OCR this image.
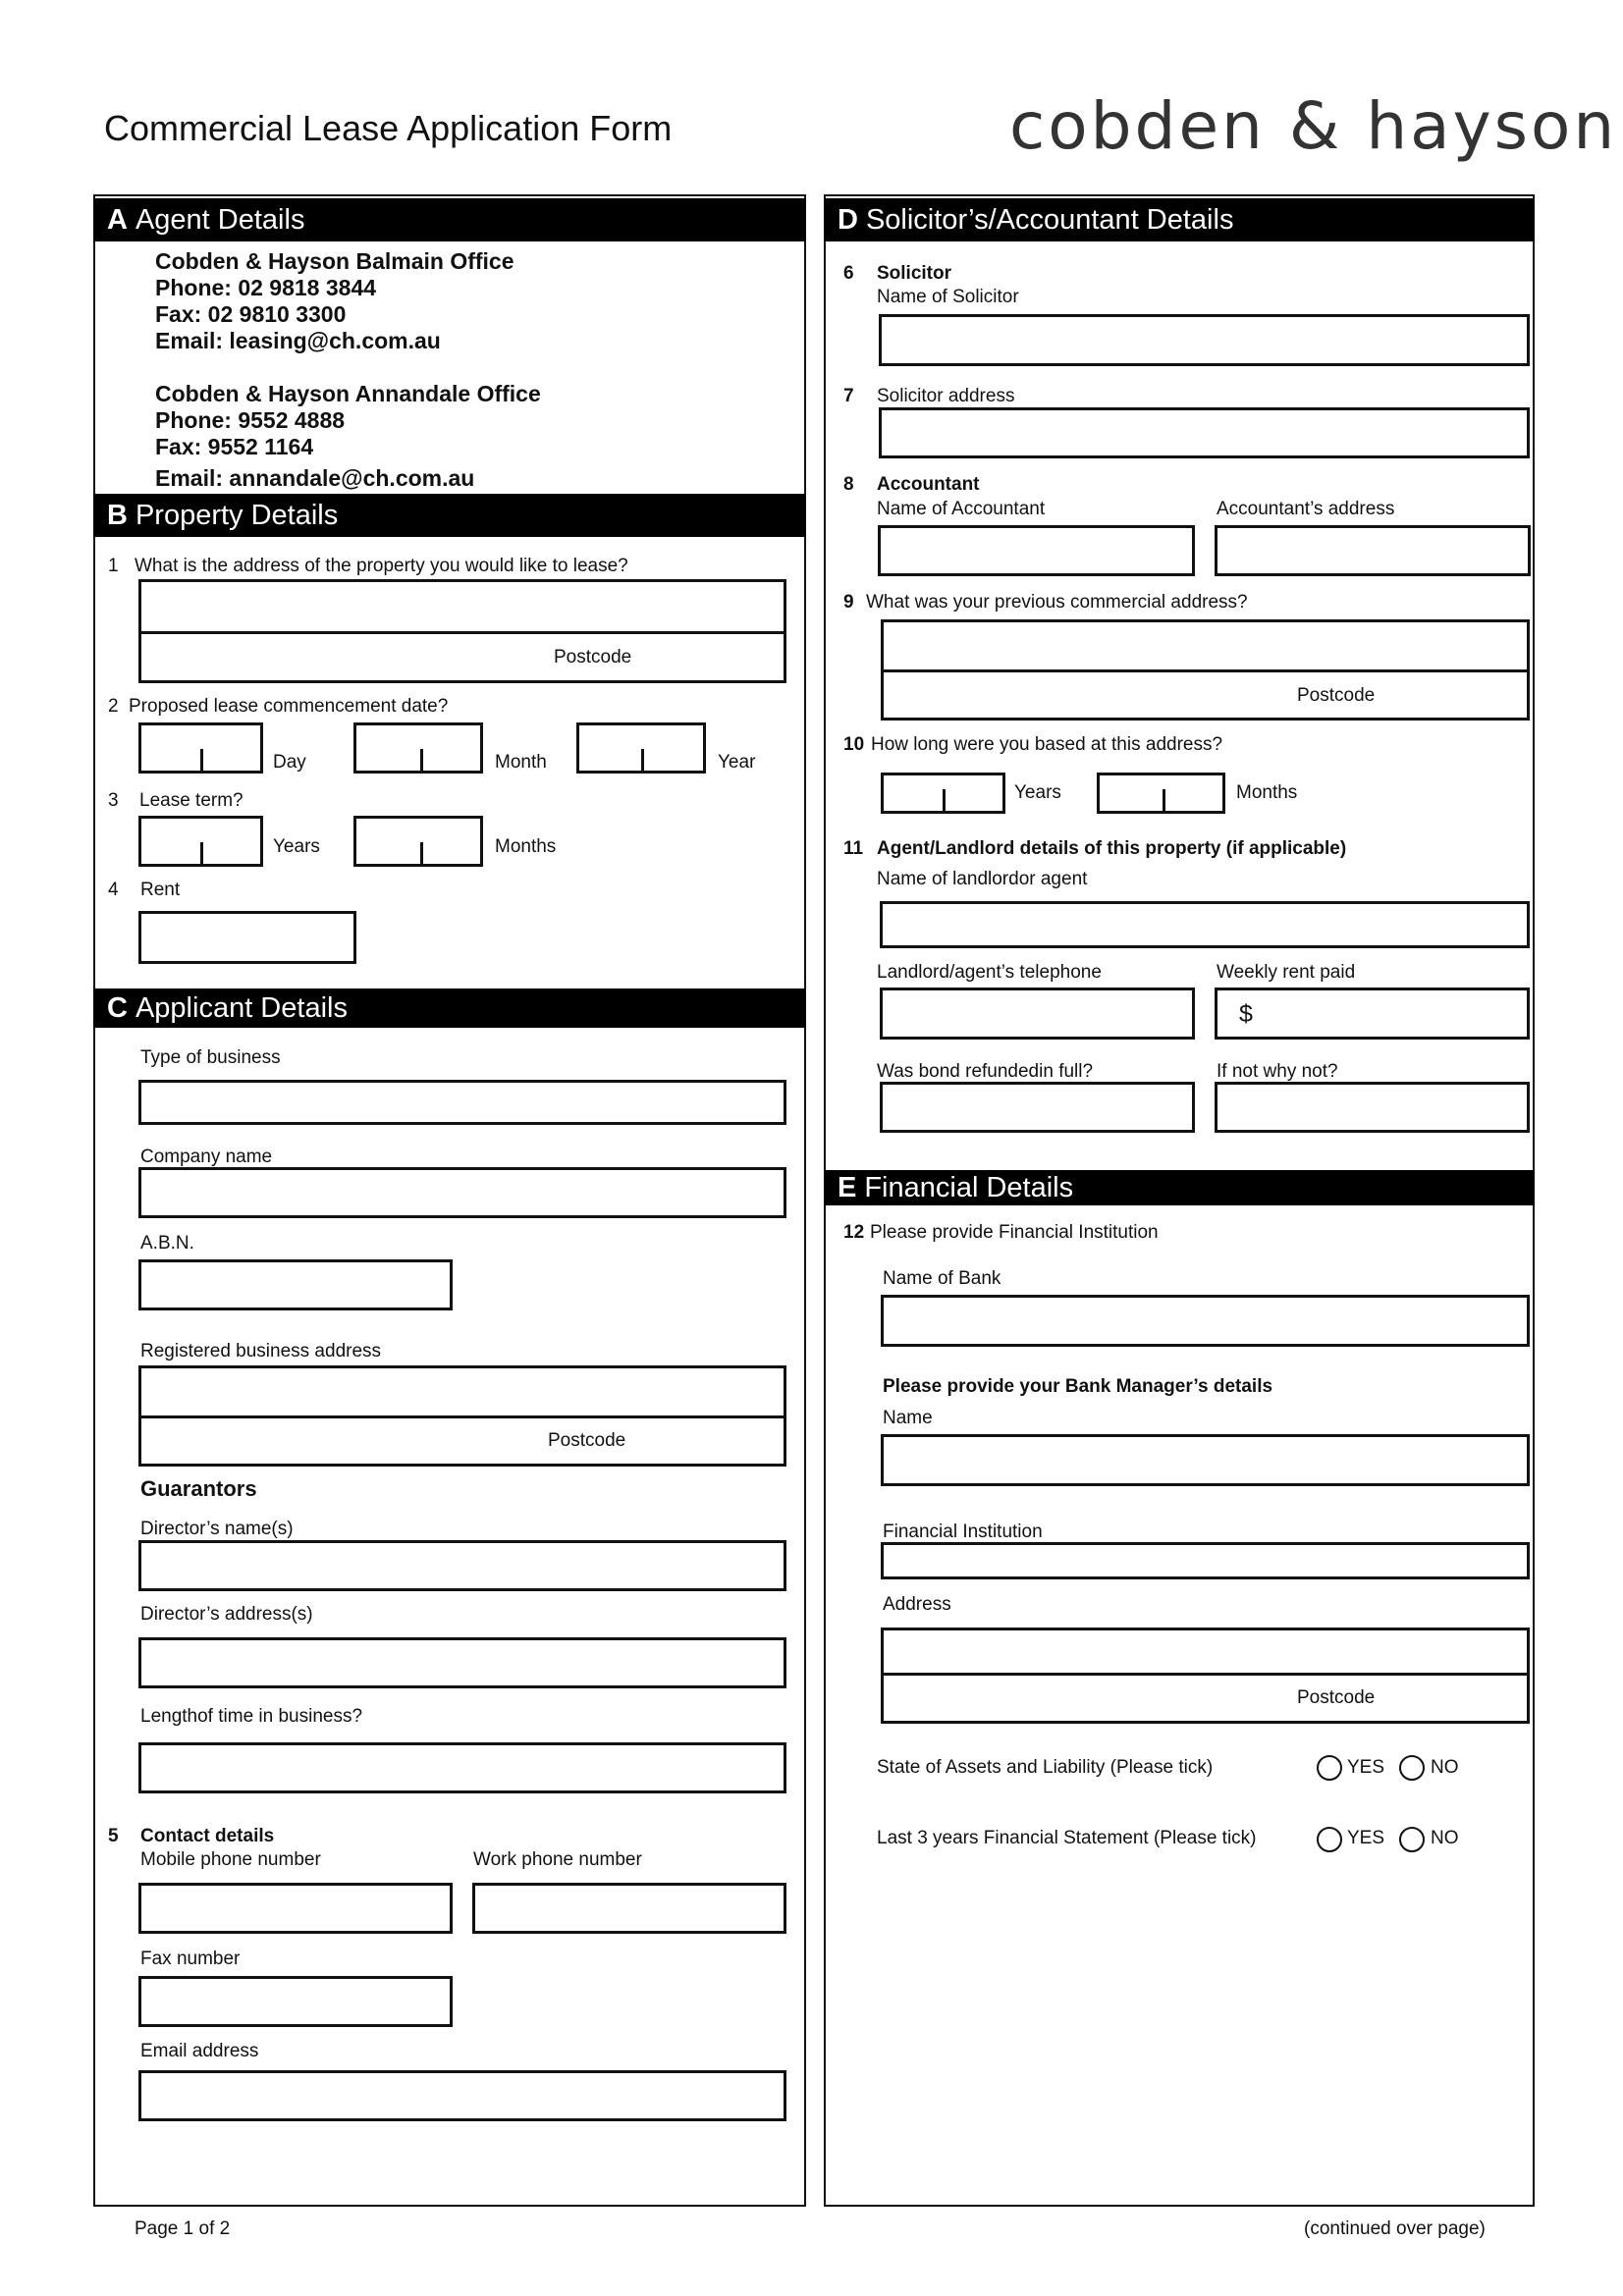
Commercial Lease Application Form	cobden & hayson
A Agent Details
Cobden & Hayson Balmain Office
Phone: 02 9818 3844
Fax: 02 9810 3300
Email: leasing@ch.com.au
Cobden & Hayson Annandale Office
Phone: 9552 4888
Fax: 9552 1164
Email: annandale@ch.com.au
B Property Details
1 What is the address of the property you would like to lease?
Postcode
2 Proposed lease commencement date?
Day	Month	Year
3 Lease term?
Years	Months
4 Rent
C Applicant Details
Type of business
Company name
A.B.N.
Registered business address
Postcode
Guarantors
Director’s name(s)
Director’s address(s)
Lengthof time in business?
5 Contact details
Mobile phone number	Work phone number
Fax number
Email address
D Solicitor’s/Accountant Details
6 Solicitor
Name of Solicitor
7 Solicitor address
8 Accountant
Name of Accountant	Accountant’s address
9 What was your previous commercial address?
Postcode
10 How long were you based at this address?
Years	Months
11 Agent/Landlord details of this property (if applicable)
Name of landlordor agent
Landlord/agent’s telephone	Weekly rent paid
$
Was bond refundedin full?	If not why not?
E Financial Details
12 Please provide Financial Institution
Name of Bank
Please provide your Bank Manager’s details
Name
Financial Institution
Address
Postcode
State of Assets and Liability (Please tick)	YES NO
Last 3 years Financial Statement (Please tick)	YES NO
Page 1 of 2	(continued over page)
